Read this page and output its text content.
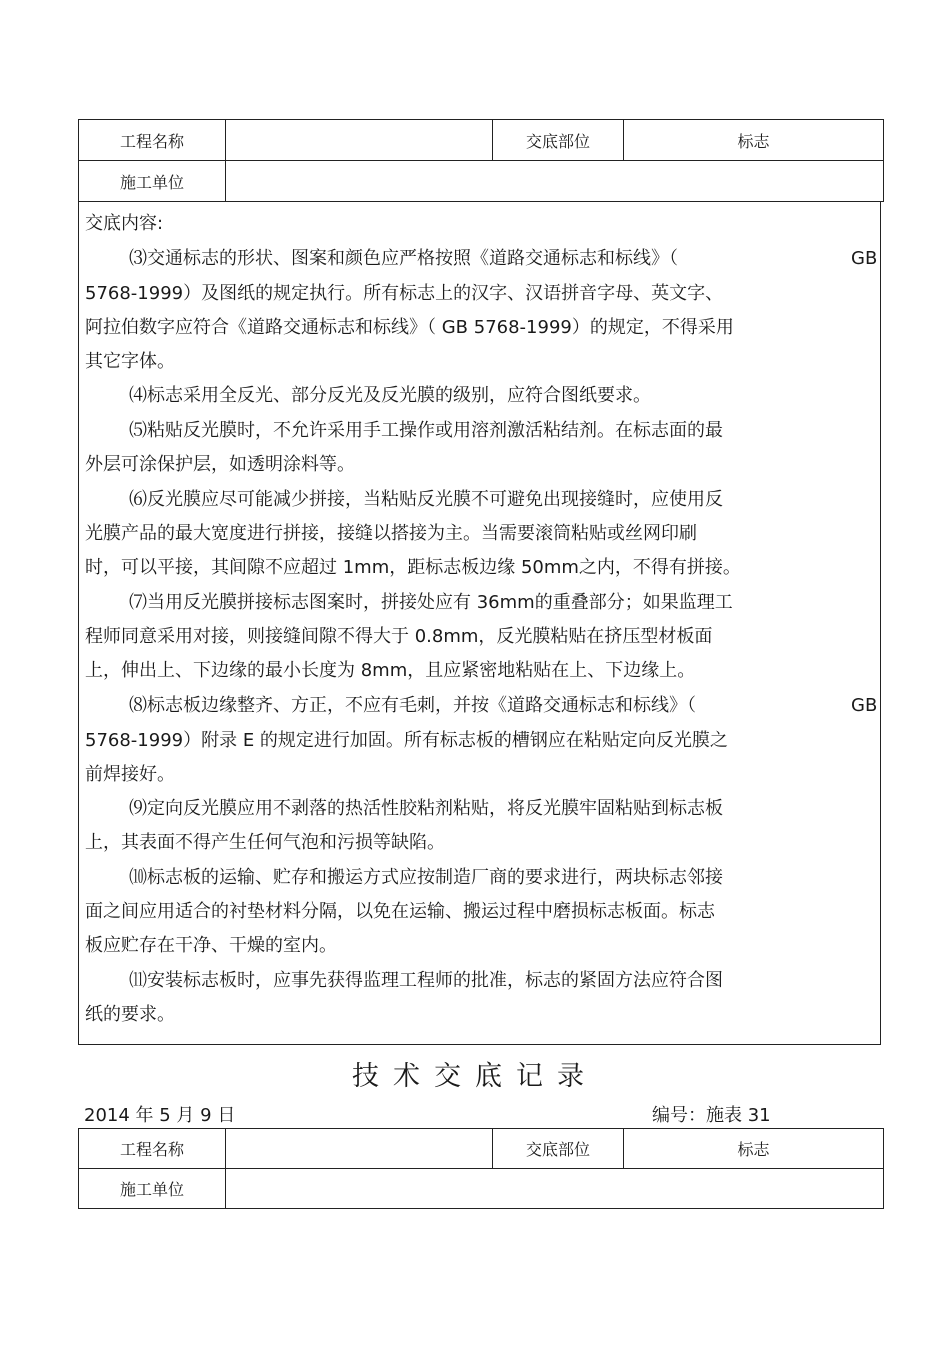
工程名称		交底部位	标志
施工单位			
交底内容:
⑶交通标志的形状、图案和颜色应严格按照《道路交通标志和标线》（	GB
5768-1999）及图纸的规定执行。所有标志上的汉字、汉语拼音字母、英文字、
阿拉伯数字应符合《道路交通标志和标线》（ GB 5768-1999）的规定，不得采用
其它字体。
⑷标志采用全反光、部分反光及反光膜的级别，应符合图纸要求。
⑸粘贴反光膜时，不允许采用手工操作或用溶剂激活粘结剂。在标志面的最
外层可涂保护层，如透明涂料等。
⑹反光膜应尽可能减少拼接，当粘贴反光膜不可避免出现接缝时，应使用反
光膜产品的最大宽度进行拼接，接缝以搭接为主。当需要滚筒粘贴或丝网印刷
时，可以平接，其间隙不应超过 1mm，距标志板边缘 50mm之内，不得有拼接。
⑺当用反光膜拼接标志图案时，拼接处应有 36mm的重叠部分；如果监理工
程师同意采用对接，则接缝间隙不得大于 0.8mm，反光膜粘贴在挤压型材板面
上，伸出上、下边缘的最小长度为 8mm，且应紧密地粘贴在上、下边缘上。
⑻标志板边缘整齐、方正，不应有毛刺，并按《道路交通标志和标线》（	GB
5768-1999）附录 E 的规定进行加固。所有标志板的槽钢应在粘贴定向反光膜之
前焊接好。
⑼定向反光膜应用不剥落的热活性胶粘剂粘贴，将反光膜牢固粘贴到标志板
上，其表面不得产生任何气泡和污损等缺陷。
⑽标志板的运输、贮存和搬运方式应按制造厂商的要求进行，两块标志邻接
面之间应用适合的衬垫材料分隔，以免在运输、搬运过程中磨损标志板面。标志
板应贮存在干净、干燥的室内。
⑾安装标志板时，应事先获得监理工程师的批准，标志的紧固方法应符合图
纸的要求。
技术交底记录
2014 年 5 月 9 日	编号：施表 31
工程名称		交底部位	标志
施工单位			
